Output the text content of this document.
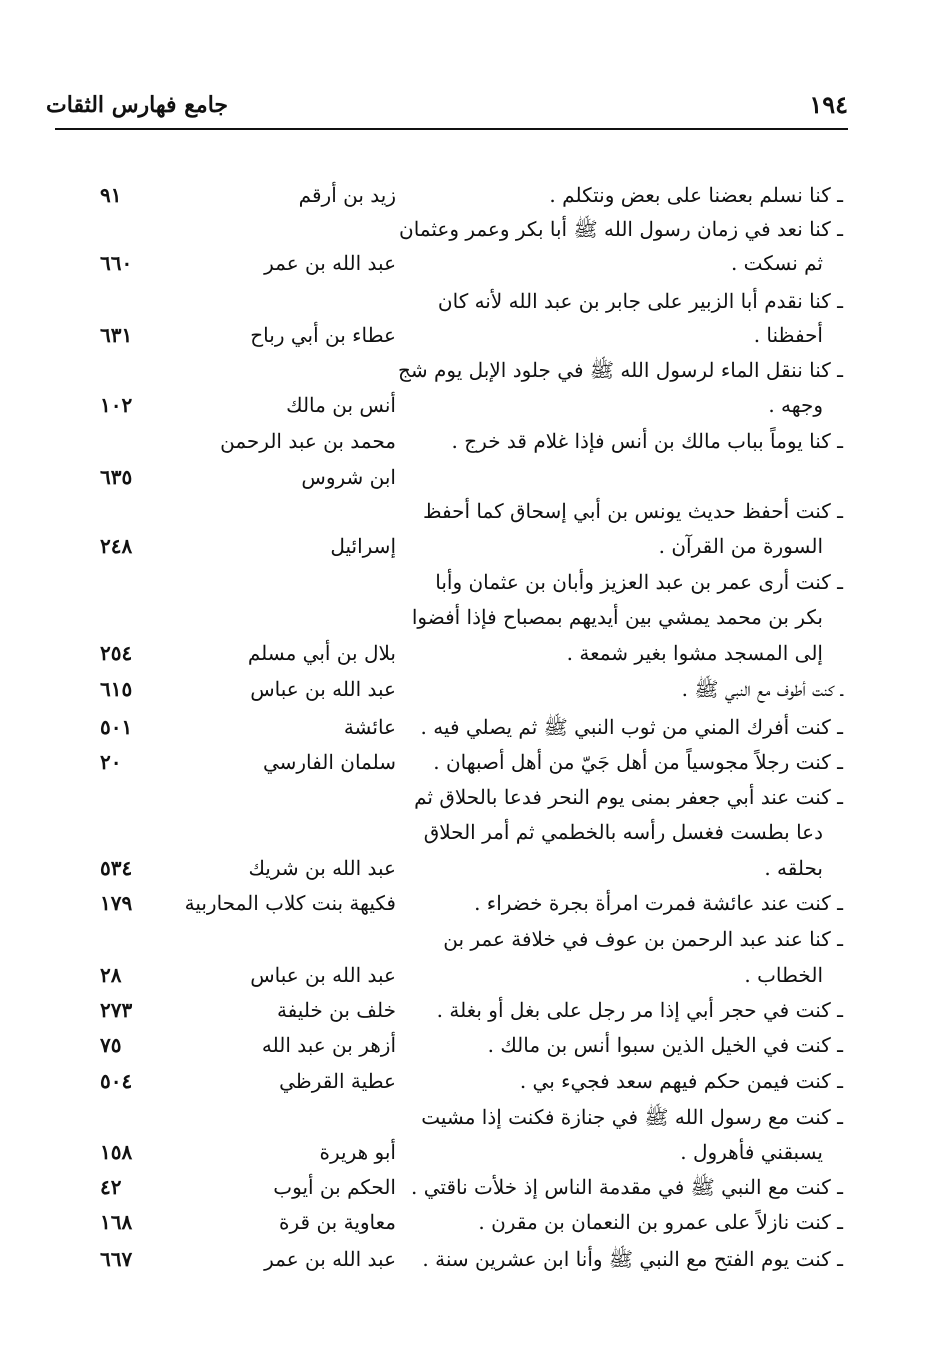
١٩٤
جامع فهارس الثقات
ـ كنا نسلم بعضنا على بعض ونتكلم .
ـ كنا نعد في زمان رسول الله ﷺ أبا بكر وعمر وعثمان
ثم نسكت .
ـ كنا نقدم أبا الزبير على جابر بن عبد الله لأنه كان
أحفظنا .
ـ كنا ننقل الماء لرسول الله ﷺ في جلود الإبل يوم شج
وجهه .
ـ كنا يوماً بباب مالك بن أنس فإذا غلام قد خرج .
ـ كنت أحفظ حديث يونس بن أبي إسحاق كما أحفظ
السورة من القرآن .
ـ كنت أرى عمر بن عبد العزيز وأبان بن عثمان وأبا
بكر بن محمد يمشي بين أيديهم بمصباح فإذا أفضوا
إلى المسجد مشوا بغير شمعة .
ـ كنت أطوف مع النبي ﷺ .
ـ كنت أفرك المني من ثوب النبي ﷺ ثم يصلي فيه .
ـ كنت رجلاً مجوسياً من أهل جَيّ من أهل أصبهان .
ـ كنت عند أبي جعفر بمنى يوم النحر فدعا بالحلاق ثم
دعا بطست فغسل رأسه بالخطمي ثم أمر الحلاق
بحلقه .
ـ كنت عند عائشة فمرت امرأة بجرة خضراء .
ـ كنا عند عبد الرحمن بن عوف في خلافة عمر بن
الخطاب .
ـ كنت في حجر أبي إذا مر رجل على بغل أو بغلة .
ـ كنت في الخيل الذين سبوا أنس بن مالك .
ـ كنت فيمن حكم فيهم سعد فجيء بي .
ـ كنت مع رسول الله ﷺ في جنازة فكنت إذا مشيت
يسبقني فأهرول .
ـ كنت مع النبي ﷺ في مقدمة الناس إذ خلأت ناقتي .
ـ كنت نازلاً على عمرو بن النعمان بن مقرن .
ـ كنت يوم الفتح مع النبي ﷺ وأنا ابن عشرين سنة .
زيد بن أرقم
٩١
عبد الله بن عمر
٦٦٠
عطاء بن أبي رباح
٦٣١
أنس بن مالك
١٠٢
محمد بن عبد الرحمن
ابن شروس
٦٣٥
إسرائيل
٢٤٨
بلال بن أبي مسلم
٢٥٤
عبد الله بن عباس
٦١٥
عائشة
٥٠١
سلمان الفارسي
٢٠
عبد الله بن شريك
٥٣٤
فكيهة بنت كلاب المحاربية
١٧٩
عبد الله بن عباس
٢٨
خلف بن خليفة
٢٧٣
أزهر بن عبد الله
٧٥
عطية القرظي
٥٠٤
أبو هريرة
١٥٨
الحكم بن أيوب
٤٢
معاوية بن قرة
١٦٨
عبد الله بن عمر
٦٦٧
